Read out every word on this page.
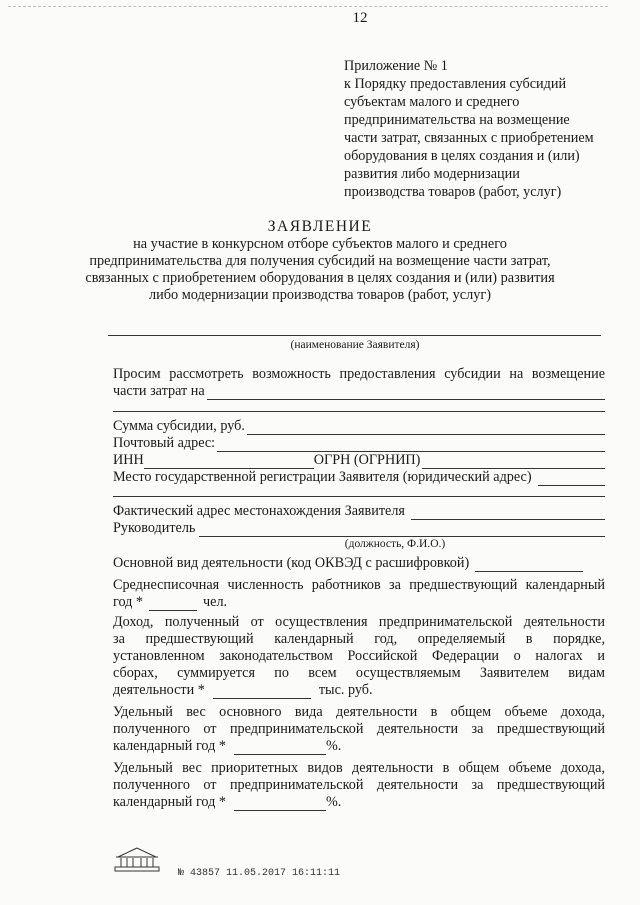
12
Приложение № 1
к Порядку предоставления субсидий
субъектам малого и среднего
предпринимательства на возмещение
части затрат, связанных с приобретением
оборудования в целях создания и (или)
развития либо модернизации
производства товаров (работ, услуг)
ЗАЯВЛЕНИЕ
на участие в конкурсном отборе субъектов малого и среднего
предпринимательства для получения субсидий на возмещение части затрат,
связанных с приобретением оборудования в целях создания и (или) развития
либо модернизации производства товаров (работ, услуг)
(наименование Заявителя)
Просим рассмотреть возможность предоставления субсидии на возмещение
части затрат на
Сумма субсидии, руб.
Почтовый адрес:
ИНН	ОГРН (ОГРНИП)
Место государственной регистрации Заявителя (юридический адрес)
Фактический адрес местонахождения Заявителя
Руководитель
(должность, Ф.И.О.)
Основной вид деятельности (код ОКВЭД с расшифровкой)
Среднесписочная численность работников за предшествующий календарный
год *	чел.
Доход, полученный от осуществления предпринимательской деятельности
за предшествующий календарный год, определяемый в порядке,
установленном законодательством Российской Федерации о налогах и
сборах, суммируется по всем осуществляемым Заявителем видам
деятельности *	тыс. руб.
Удельный вес основного вида деятельности в общем объеме дохода,
полученного от предпринимательской деятельности за предшествующий
календарный год *	%.
Удельный вес приоритетных видов деятельности в общем объеме дохода,
полученного от предпринимательской деятельности за предшествующий
календарный год *	%.
№ 43857 11.05.2017 16:11:11
